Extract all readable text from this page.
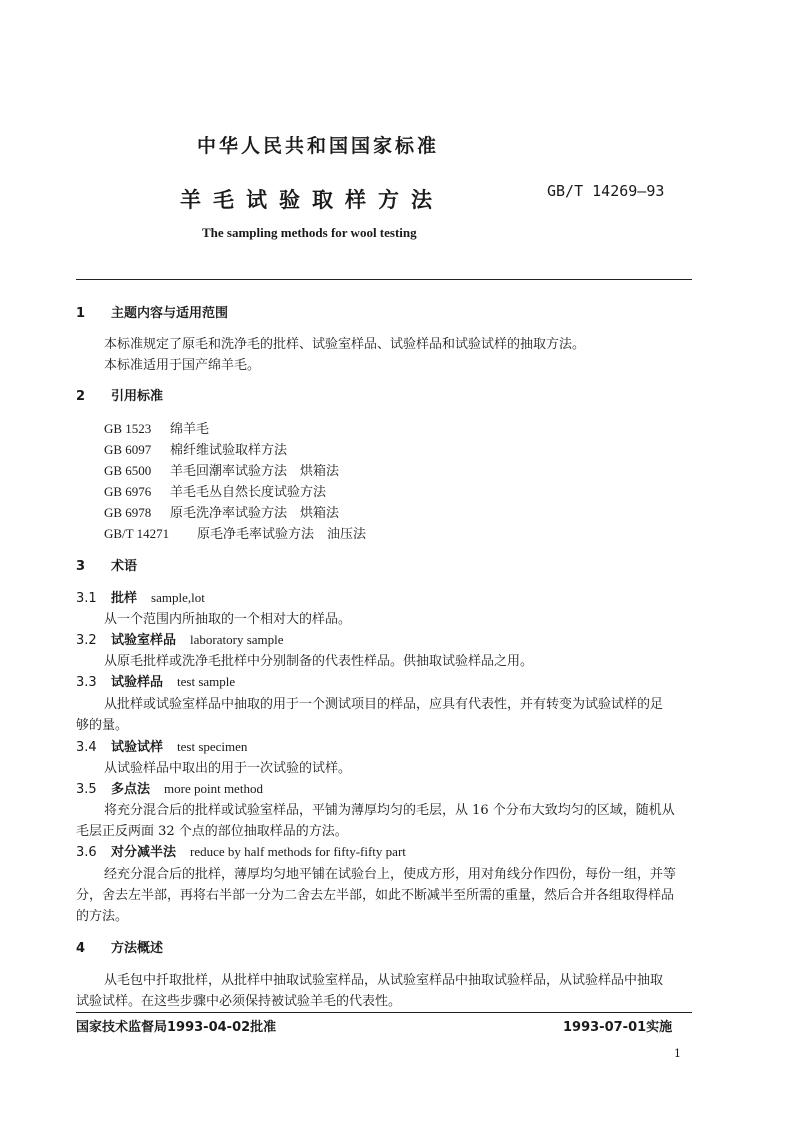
中华人民共和国国家标准
羊毛试验取样方法	GB/T 14269—93
The sampling methods for wool testing
1 主题内容与适用范围
本标准规定了原毛和洗净毛的批样、试验室样品、试验样品和试验试样的抽取方法。
本标准适用于国产绵羊毛。
2 引用标准
GB 1523 绵羊毛
GB 6097 棉纤维试验取样方法
GB 6500 羊毛回潮率试验方法　烘箱法
GB 6976 羊毛毛丛自然长度试验方法
GB 6978 原毛洗净率试验方法　烘箱法
GB/T 14271 原毛净毛率试验方法　油压法
3 术语
3.1 批样 sample,lot
从一个范围内所抽取的一个相对大的样品。
3.2 试验室样品 laboratory sample
从原毛批样或洗净毛批样中分别制备的代表性样品。供抽取试验样品之用。
3.3 试验样品 test sample
从批样或试验室样品中抽取的用于一个测试项目的样品，应具有代表性，并有转变为试验试样的足
够的量。
3.4 试验试样 test specimen
从试验样品中取出的用于一次试验的试样。
3.5 多点法 more point method
将充分混合后的批样或试验室样品，平铺为薄厚均匀的毛层，从 16 个分布大致均匀的区域，随机从
毛层正反两面 32 个点的部位抽取样品的方法。
3.6 对分减半法 reduce by half methods for fifty-fifty part
经充分混合后的批样，薄厚均匀地平铺在试验台上，使成方形，用对角线分作四份，每份一组，并等
分，舍去左半部，再将右半部一分为二舍去左半部，如此不断减半至所需的重量，然后合并各组取得样品
的方法。
4 方法概述
从毛包中扦取批样，从批样中抽取试验室样品，从试验室样品中抽取试验样品，从试验样品中抽取
试验试样。在这些步骤中必须保持被试验羊毛的代表性。
国家技术监督局1993-04-02批准	1993-07-01实施
1
